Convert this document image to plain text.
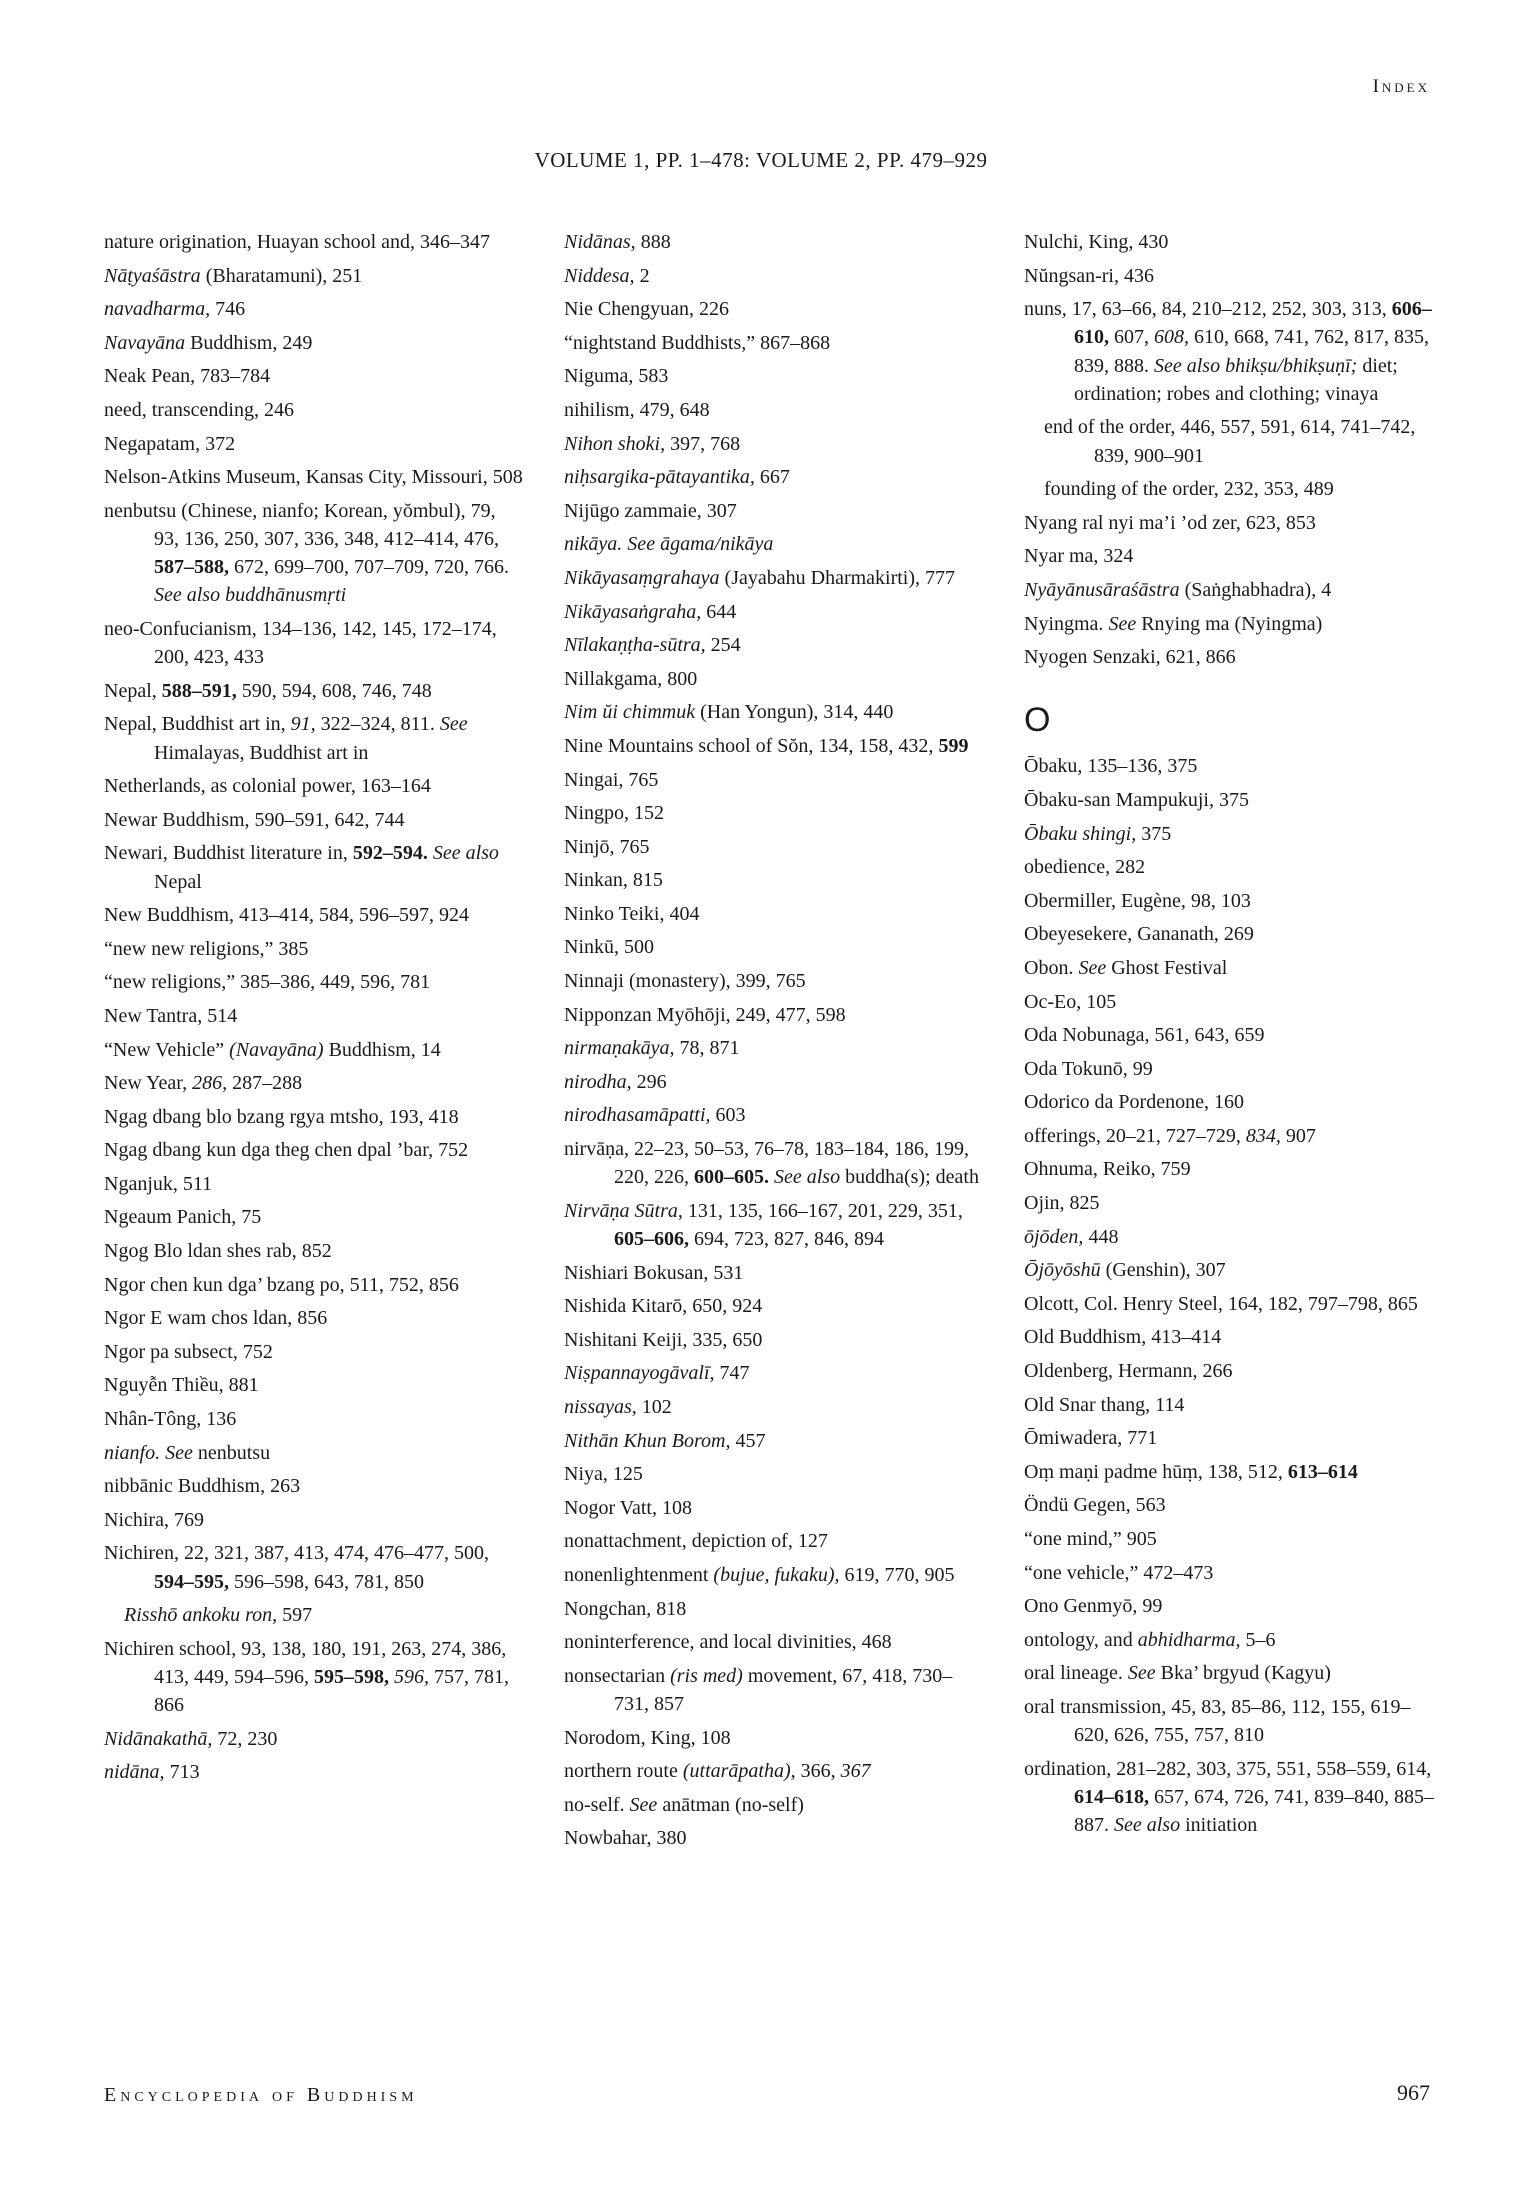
Index
VOLUME 1, PP. 1–478: VOLUME 2, PP. 479–929

nature origination, Huayan school and, 346–347

Nāṭyaśāstra (Bharatamuni), 251

navadharma, 746

Navayāna Buddhism, 249

Neak Pean, 783–784

need, transcending, 246

Negapatam, 372

Nelson-Atkins Museum, Kansas City, Missouri, 508

nenbutsu (Chinese, nianfo; Korean, yŏmbul), 79, 93, 136, 250, 307, 336, 348, 412–414, 476, 587–588, 672, 699–700, 707–709, 720, 766. See also buddhānusmṛti

neo-Confucianism, 134–136, 142, 145, 172–174, 200, 423, 433

Nepal, 588–591, 590, 594, 608, 746, 748

Nepal, Buddhist art in, 91, 322–324, 811. See Himalayas, Buddhist art in

Netherlands, as colonial power, 163–164

Newar Buddhism, 590–591, 642, 744

Newari, Buddhist literature in, 592–594. See also Nepal

New Buddhism, 413–414, 584, 596–597, 924

“new new religions,” 385

“new religions,” 385–386, 449, 596, 781

New Tantra, 514

“New Vehicle” (Navayāna) Buddhism, 14

New Year, 286, 287–288

Ngag dbang blo bzang rgya mtsho, 193, 418

Ngag dbang kun dga theg chen dpal ’bar, 752

Nganjuk, 511

Ngeaum Panich, 75

Ngog Blo ldan shes rab, 852

Ngor chen kun dga’ bzang po, 511, 752, 856

Ngor E wam chos ldan, 856

Ngor pa subsect, 752

Nguyễn Thiều, 881

Nhân-Tông, 136

nianfo. See nenbutsu

nibbānic Buddhism, 263

Nichira, 769

Nichiren, 22, 321, 387, 413, 474, 476–477, 500, 594–595, 596–598, 643, 781, 850

Risshō ankoku ron, 597

Nichiren school, 93, 138, 180, 191, 263, 274, 386, 413, 449, 594–596, 595–598, 596, 757, 781, 866

Nidānakathā, 72, 230

nidāna, 713

Nidānas, 888

Niddesa, 2

Nie Chengyuan, 226

“nightstand Buddhists,” 867–868

Niguma, 583

nihilism, 479, 648

Nihon shoki, 397, 768

niḥsargika-pātayantika, 667

Nijūgo zammaie, 307

nikāya. See āgama/nikāya

Nikāyasaṃgrahaya (Jayabahu Dharmakirti), 777

Nikāyasaṅgraha, 644

Nīlakaṇṭha-sūtra, 254

Nillakgama, 800

Nim ŭi chimmuk (Han Yongun), 314, 440

Nine Mountains school of Sŏn, 134, 158, 432, 599

Ningai, 765

Ningpo, 152

Ninjō, 765

Ninkan, 815

Ninko Teiki, 404

Ninkū, 500

Ninnaji (monastery), 399, 765

Nipponzan Myōhōji, 249, 477, 598

nirmaṇakāya, 78, 871

nirodha, 296

nirodhasamāpatti, 603

nirvāṇa, 22–23, 50–53, 76–78, 183–184, 186, 199, 220, 226, 600–605. See also buddha(s); death

Nirvāṇa Sūtra, 131, 135, 166–167, 201, 229, 351, 605–606, 694, 723, 827, 846, 894

Nishiari Bokusan, 531

Nishida Kitarō, 650, 924

Nishitani Keiji, 335, 650

Niṣpannayogāvalī, 747

nissayas, 102

Nithān Khun Borom, 457

Niya, 125

Nogor Vatt, 108

nonattachment, depiction of, 127

nonenlightenment (bujue, fukaku), 619, 770, 905

Nongchan, 818

noninterference, and local divinities, 468

nonsectarian (ris med) movement, 67, 418, 730–731, 857

Norodom, King, 108

northern route (uttarāpatha), 366, 367

no-self. See anātman (no-self)

Nowbahar, 380

Nulchi, King, 430

Nŭngsan-ri, 436

nuns, 17, 63–66, 84, 210–212, 252, 303, 313, 606–610, 607, 608, 610, 668, 741, 762, 817, 835, 839, 888. See also bhikṣu/bhikṣuṇī; diet; ordination; robes and clothing; vinaya

end of the order, 446, 557, 591, 614, 741–742, 839, 900–901

founding of the order, 232, 353, 489

Nyang ral nyi ma’i ’od zer, 623, 853

Nyar ma, 324

Nyāyānusāraśāstra (Saṅghabhadra), 4

Nyingma. See Rnying ma (Nyingma)

Nyogen Senzaki, 621, 866

O

Ōbaku, 135–136, 375

Ōbaku-san Mampukuji, 375

Ōbaku shingi, 375

obedience, 282

Obermiller, Eugène, 98, 103

Obeyesekere, Gananath, 269

Obon. See Ghost Festival

Oc-Eo, 105

Oda Nobunaga, 561, 643, 659

Oda Tokunō, 99

Odorico da Pordenone, 160

offerings, 20–21, 727–729, 834, 907

Ohnuma, Reiko, 759

Ojin, 825

ōjōden, 448

Ōjōyōshū (Genshin), 307

Olcott, Col. Henry Steel, 164, 182, 797–798, 865

Old Buddhism, 413–414

Oldenberg, Hermann, 266

Old Snar thang, 114

Ōmiwadera, 771

Oṃ maṇi padme hūṃ, 138, 512, 613–614

Öndü Gegen, 563

“one mind,” 905

“one vehicle,” 472–473

Ono Genmyō, 99

ontology, and abhidharma, 5–6

oral lineage. See Bka’ brgyud (Kagyu)

oral transmission, 45, 83, 85–86, 112, 155, 619–620, 626, 755, 757, 810

ordination, 281–282, 303, 375, 551, 558–559, 614, 614–618, 657, 674, 726, 741, 839–840, 885–887. See also initiation

Encyclopedia of Buddhism	967
